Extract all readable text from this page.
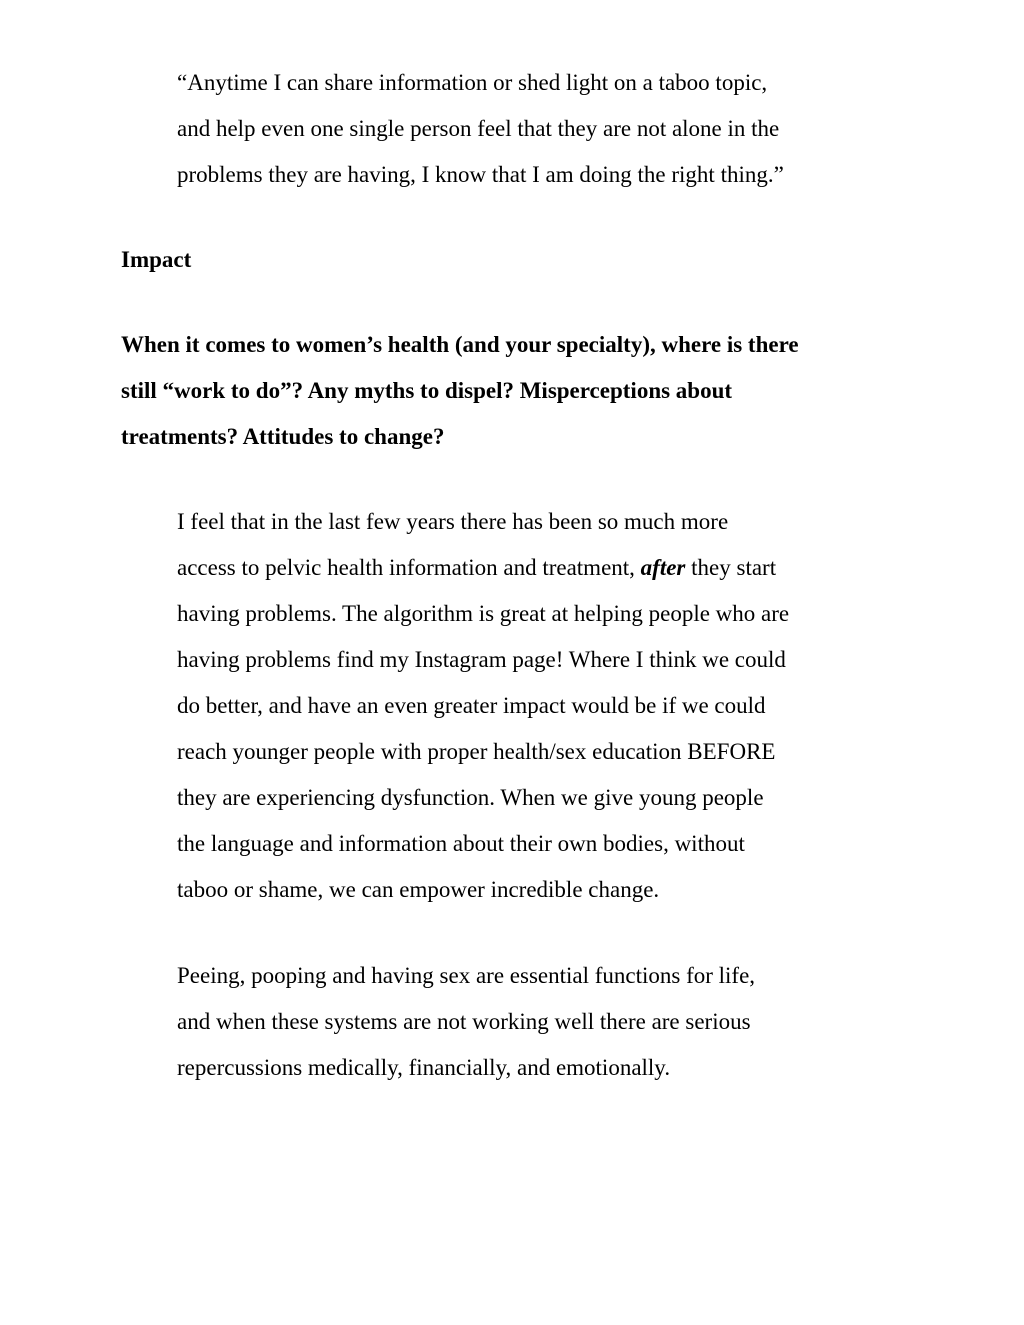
“Anytime I can share information or shed light on a taboo topic,
and help even one single person feel that they are not alone in the
problems they are having, I know that I am doing the right thing.”

Impact

When it comes to women’s health (and your specialty), where is there
still “work to do”? Any myths to dispel? Misperceptions about
treatments? Attitudes to change?

I feel that in the last few years there has been so much more
access to pelvic health information and treatment, after they start
having problems. The algorithm is great at helping people who are
having problems find my Instagram page! Where I think we could
do better, and have an even greater impact would be if we could
reach younger people with proper health/sex education BEFORE
they are experiencing dysfunction. When we give young people
the language and information about their own bodies, without
taboo or shame, we can empower incredible change.

Peeing, pooping and having sex are essential functions for life,
and when these systems are not working well there are serious
repercussions medically, financially, and emotionally.
